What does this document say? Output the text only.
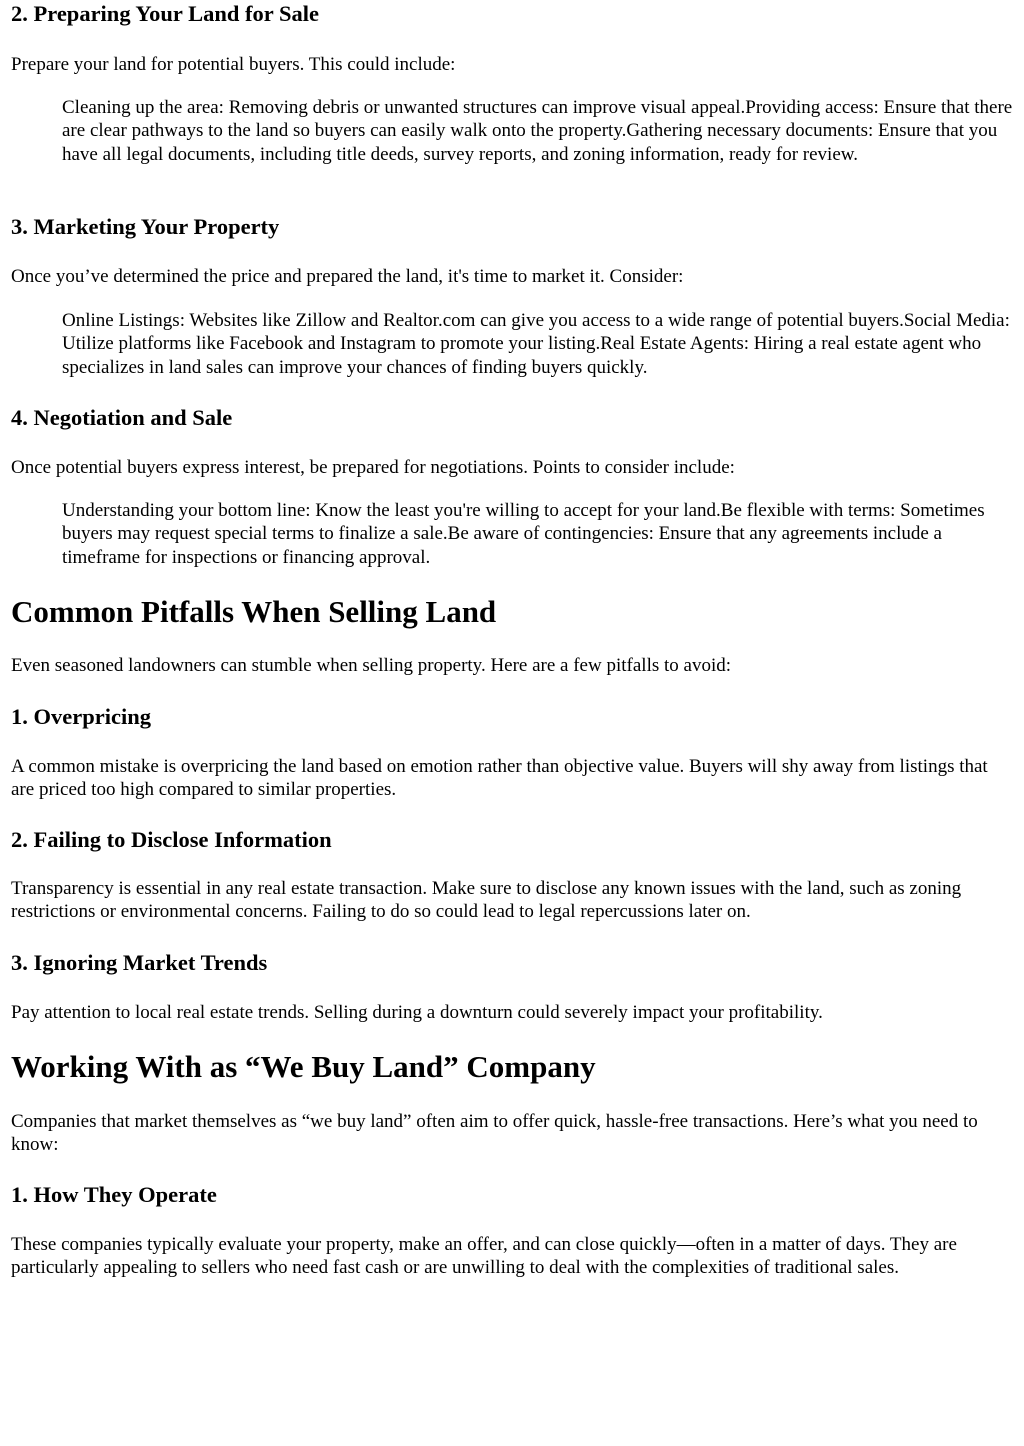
2. Preparing Your Land for Sale

Prepare your land for potential buyers. This could include:

Cleaning up the area: Removing debris or unwanted structures can improve visual appeal.Providing access: Ensure that there are clear pathways to the land so buyers can easily walk onto the property.Gathering necessary documents: Ensure that you have all legal documents, including title deeds, survey reports, and zoning information, ready for review.
3. Marketing Your Property

Once you’ve determined the price and prepared the land, it's time to market it. Consider:

Online Listings: Websites like Zillow and Realtor.com can give you access to a wide range of potential buyers.Social Media: Utilize platforms like Facebook and Instagram to promote your listing.Real Estate Agents: Hiring a real estate agent who specializes in land sales can improve your chances of finding buyers quickly.
4. Negotiation and Sale

Once potential buyers express interest, be prepared for negotiations. Points to consider include:

Understanding your bottom line: Know the least you're willing to accept for your land.Be flexible with terms: Sometimes buyers may request special terms to finalize a sale.Be aware of contingencies: Ensure that any agreements include a timeframe for inspections or financing approval.
Common Pitfalls When Selling Land

Even seasoned landowners can stumble when selling property. Here are a few pitfalls to avoid:

1. Overpricing

A common mistake is overpricing the land based on emotion rather than objective value. Buyers will shy away from listings that are priced too high compared to similar properties.

2. Failing to Disclose Information

Transparency is essential in any real estate transaction. Make sure to disclose any known issues with the land, such as zoning restrictions or environmental concerns. Failing to do so could lead to legal repercussions later on.

3. Ignoring Market Trends

Pay attention to local real estate trends. Selling during a downturn could severely impact your profitability.

Working With as “We Buy Land” Company

Companies that market themselves as “we buy land” often aim to offer quick, hassle-free transactions. Here’s what you need to know:

1. How They Operate

These companies typically evaluate your property, make an offer, and can close quickly—often in a matter of days. They are particularly appealing to sellers who need fast cash or are unwilling to deal with the complexities of traditional sales.
